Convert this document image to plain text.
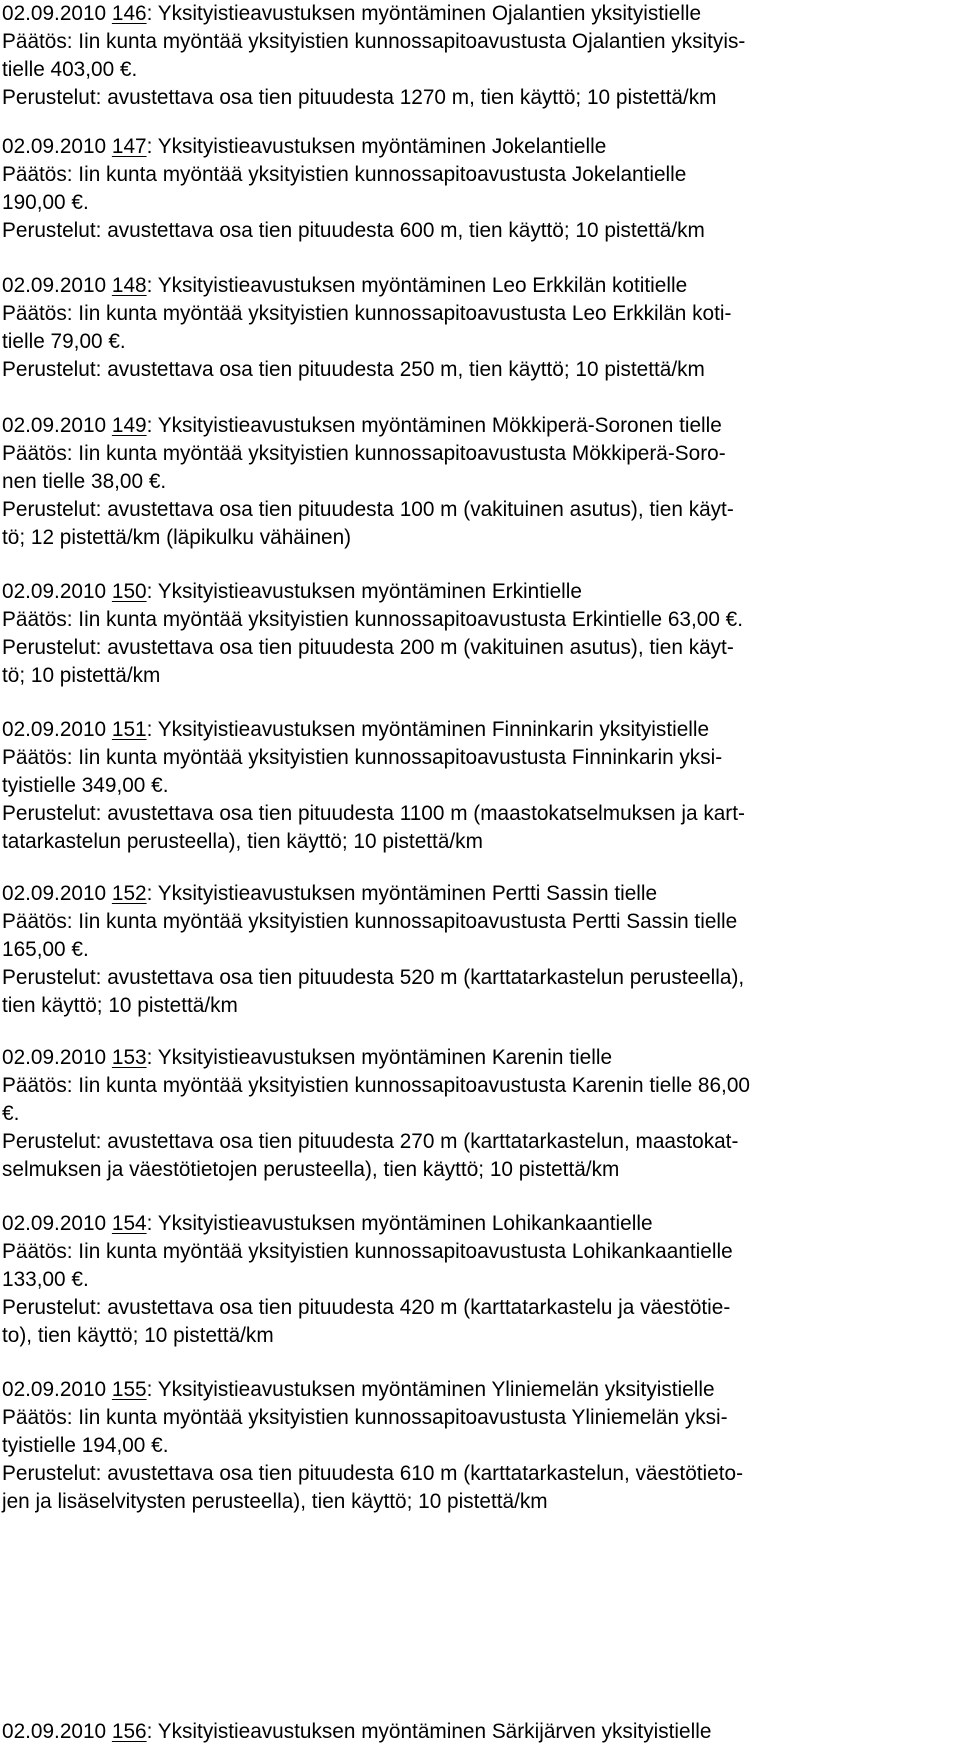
02.09.2010 146: Yksityistieavustuksen myöntäminen Ojalantien yksityistielle
Päätös: Iin kunta myöntää yksityistien kunnossapitoavustusta Ojalantien yksityis-
tielle 403,00 €.
Perustelut: avustettava osa tien pituudesta 1270 m, tien käyttö; 10 pistettä/km
02.09.2010 147: Yksityistieavustuksen myöntäminen Jokelantielle
Päätös: Iin kunta myöntää yksityistien kunnossapitoavustusta Jokelantielle
190,00 €.
Perustelut: avustettava osa tien pituudesta 600 m, tien käyttö; 10 pistettä/km
02.09.2010 148: Yksityistieavustuksen myöntäminen Leo Erkkilän kotitielle
Päätös: Iin kunta myöntää yksityistien kunnossapitoavustusta Leo Erkkilän koti-
tielle 79,00 €.
Perustelut: avustettava osa tien pituudesta 250 m, tien käyttö; 10 pistettä/km
02.09.2010 149: Yksityistieavustuksen myöntäminen Mökkiperä-Soronen tielle
Päätös: Iin kunta myöntää yksityistien kunnossapitoavustusta Mökkiperä-Soro-
nen tielle 38,00 €.
Perustelut: avustettava osa tien pituudesta 100 m (vakituinen asutus), tien käyt-
tö; 12 pistettä/km (läpikulku vähäinen)
02.09.2010 150: Yksityistieavustuksen myöntäminen Erkintielle
Päätös: Iin kunta myöntää yksityistien kunnossapitoavustusta Erkintielle 63,00 €.
Perustelut: avustettava osa tien pituudesta 200 m (vakituinen asutus), tien käyt-
tö; 10 pistettä/km
02.09.2010 151: Yksityistieavustuksen myöntäminen Finninkarin yksityistielle
Päätös: Iin kunta myöntää yksityistien kunnossapitoavustusta Finninkarin yksi-
tyistielle 349,00 €.
Perustelut: avustettava osa tien pituudesta 1100 m (maastokatselmuksen ja kart-
tatarkastelun perusteella), tien käyttö; 10 pistettä/km
02.09.2010 152: Yksityistieavustuksen myöntäminen Pertti Sassin tielle
Päätös: Iin kunta myöntää yksityistien kunnossapitoavustusta Pertti Sassin tielle
165,00 €.
Perustelut: avustettava osa tien pituudesta 520 m (karttatarkastelun perusteella),
tien käyttö; 10 pistettä/km
02.09.2010 153: Yksityistieavustuksen myöntäminen Karenin tielle
Päätös: Iin kunta myöntää yksityistien kunnossapitoavustusta Karenin tielle 86,00
€.
Perustelut: avustettava osa tien pituudesta 270 m (karttatarkastelun, maastokat-
selmuksen ja väestötietojen perusteella), tien käyttö; 10 pistettä/km
02.09.2010 154: Yksityistieavustuksen myöntäminen Lohikankaantielle
Päätös: Iin kunta myöntää yksityistien kunnossapitoavustusta Lohikankaantielle
133,00 €.
Perustelut: avustettava osa tien pituudesta 420 m (karttatarkastelu ja väestötie-
to), tien käyttö; 10 pistettä/km
02.09.2010 155: Yksityistieavustuksen myöntäminen Yliniemelän yksityistielle
Päätös: Iin kunta myöntää yksityistien kunnossapitoavustusta Yliniemelän yksi-
tyistielle 194,00 €.
Perustelut: avustettava osa tien pituudesta 610 m (karttatarkastelun, väestötieto-
jen ja lisäselvitysten perusteella), tien käyttö; 10 pistettä/km
02.09.2010 156: Yksityistieavustuksen myöntäminen Särkijärven yksityistielle
